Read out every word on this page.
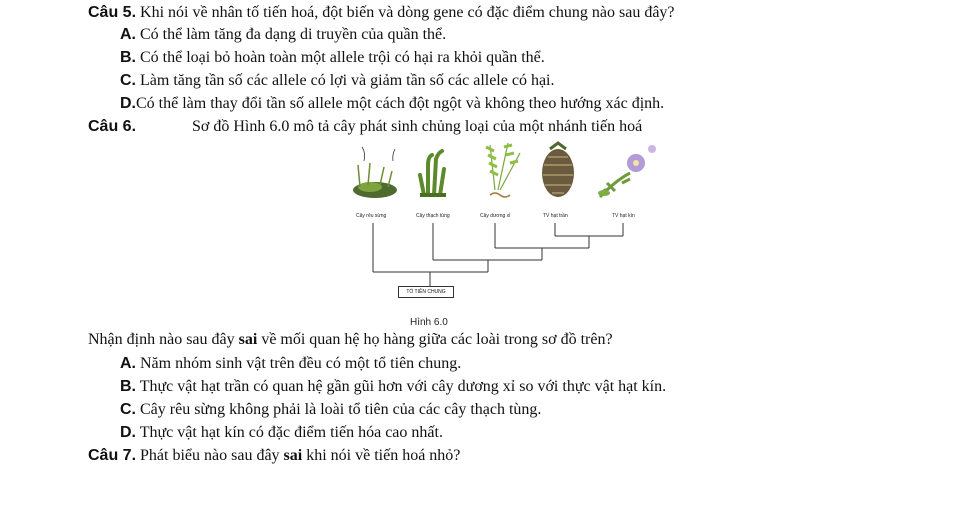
Câu 5. Khi nói về nhân tố tiến hoá, đột biến và dòng gene có đặc điểm chung nào sau đây?
A. Có thể làm tăng đa dạng di truyền của quần thể.
B. Có thể loại bỏ hoàn toàn một allele trội có hại ra khỏi quần thể.
C. Làm tăng tần số các allele có lợi và giảm tần số các allele có hại.
D.Có thể làm thay đổi tần số allele một cách đột ngột và không theo hướng xác định.
Câu 6.	Sơ đồ Hình 6.0 mô tả cây phát sinh chủng loại của một nhánh tiến hoá
Cây rêu sừng	Cây thạch tùng	Cây dương xỉ	TV hạt trần	TV hạt kín
TỔ TIÊN CHUNG
Hình 6.0
Nhận định nào sau đây sai về mối quan hệ họ hàng giữa các loài trong sơ đồ trên?
A. Năm nhóm sinh vật trên đều có một tổ tiên chung.
B. Thực vật hạt trần có quan hệ gần gũi hơn với cây dương xỉ so với thực vật hạt kín.
C. Cây rêu sừng không phải là loài tổ tiên của các cây thạch tùng.
D. Thực vật hạt kín có đặc điểm tiến hóa cao nhất.
Câu 7. Phát biểu nào sau đây sai khi nói về tiến hoá nhỏ?
